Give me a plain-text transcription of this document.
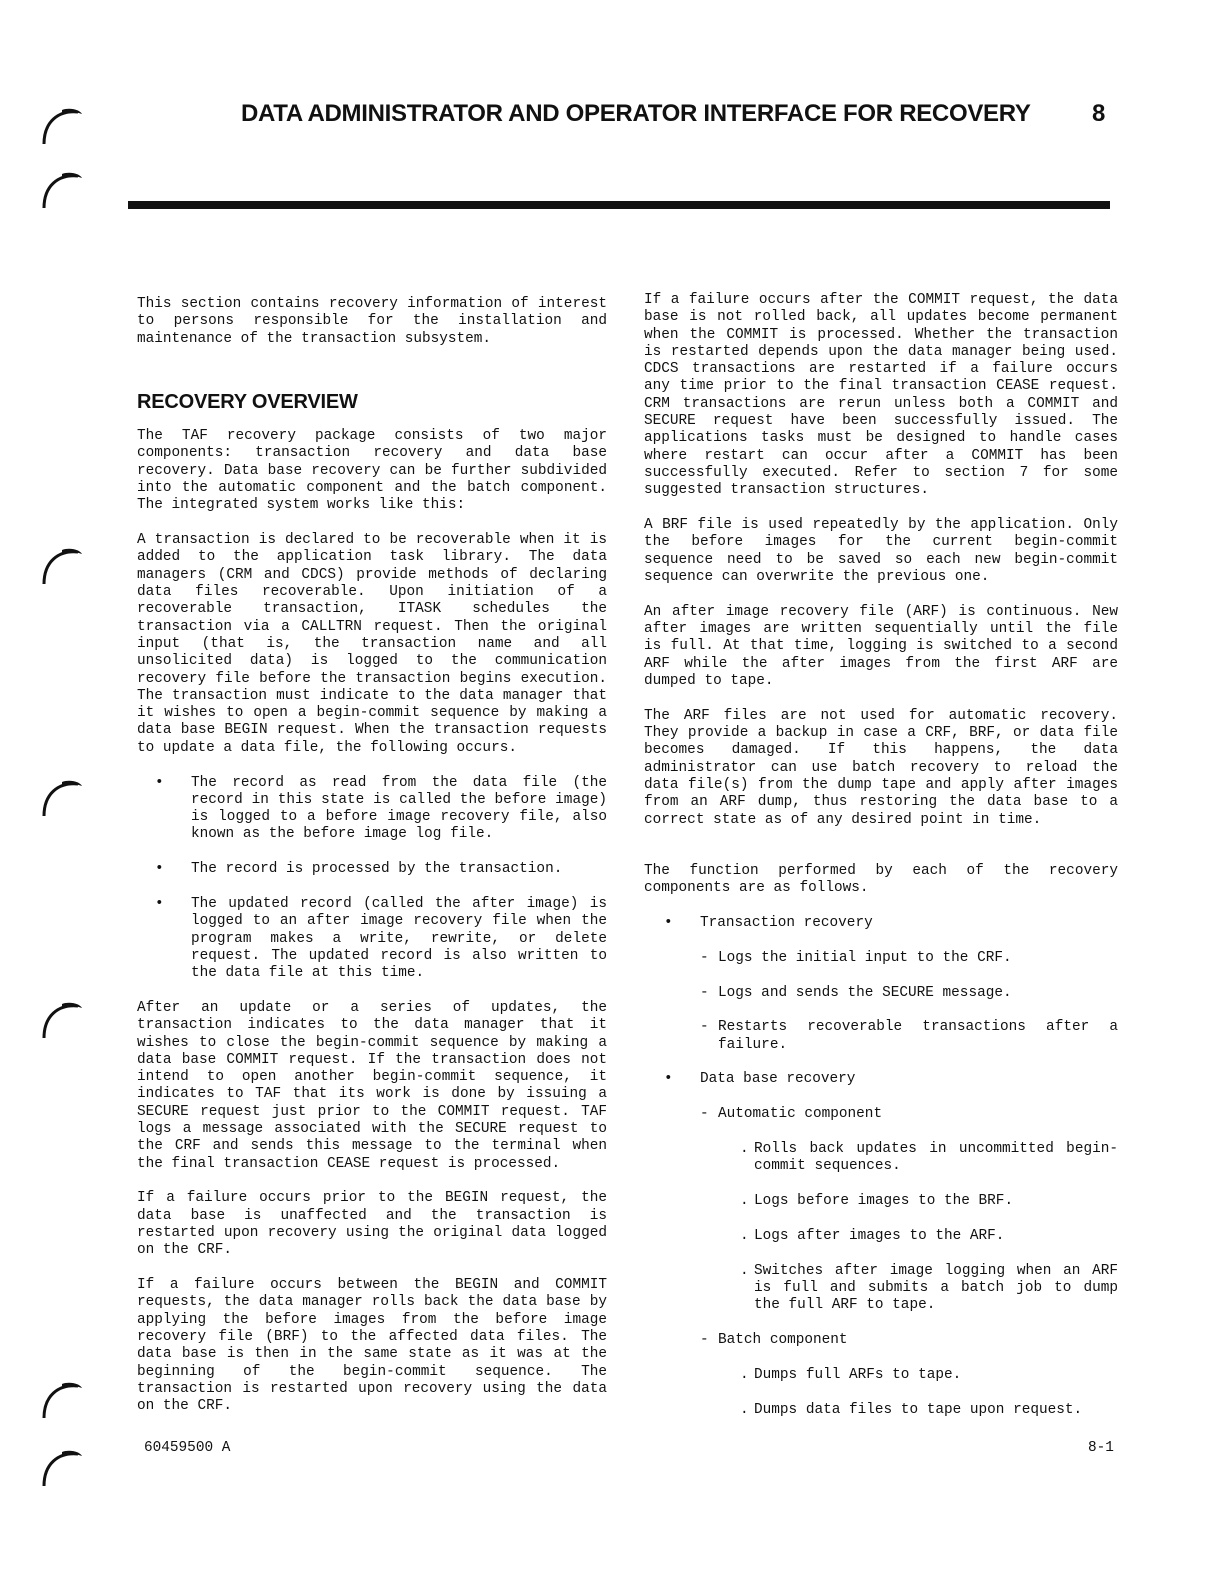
DATA ADMINISTRATOR AND OPERATOR INTERFACE FOR RECOVERY	8

This section contains recovery information of interest to persons responsible for the installation and maintenance of the transaction subsystem.

RECOVERY OVERVIEW

The TAF recovery package consists of two major components: transaction recovery and data base recovery. Data base recovery can be further subdivided into the automatic component and the batch component. The integrated system works like this:

A transaction is declared to be recoverable when it is added to the application task library. The data managers (CRM and CDCS) provide methods of declaring data files recoverable. Upon initiation of a recoverable transaction, ITASK schedules the transaction via a CALLTRN request. Then the original input (that is, the transaction name and all unsolicited data) is logged to the communication recovery file before the transaction begins execution. The transaction must indicate to the data manager that it wishes to open a begin-commit sequence by making a data base BEGIN request. When the transaction requests to update a data file, the following occurs.

• The record as read from the data file (the record in this state is called the before image) is logged to a before image recovery file, also known as the before image log file.
• The record is processed by the transaction.
• The updated record (called the after image) is logged to an after image recovery file when the program makes a write, rewrite, or delete request. The updated record is also written to the data file at this time.

After an update or a series of updates, the transaction indicates to the data manager that it wishes to close the begin-commit sequence by making a data base COMMIT request. If the transaction does not intend to open another begin-commit sequence, it indicates to TAF that its work is done by issuing a SECURE request just prior to the COMMIT request. TAF logs a message associated with the SECURE request to the CRF and sends this message to the terminal when the final transaction CEASE request is processed.

If a failure occurs prior to the BEGIN request, the data base is unaffected and the transaction is restarted upon recovery using the original data logged on the CRF.

If a failure occurs between the BEGIN and COMMIT requests, the data manager rolls back the data base by applying the before images from the before image recovery file (BRF) to the affected data files. The data base is then in the same state as it was at the beginning of the begin-commit sequence. The transaction is restarted upon recovery using the data on the CRF.

If a failure occurs after the COMMIT request, the data base is not rolled back, all updates become permanent when the COMMIT is processed. Whether the transaction is restarted depends upon the data manager being used. CDCS transactions are restarted if a failure occurs any time prior to the final transaction CEASE request. CRM transactions are rerun unless both a COMMIT and SECURE request have been successfully issued. The applications tasks must be designed to handle cases where restart can occur after a COMMIT has been successfully executed. Refer to section 7 for some suggested transaction structures.

A BRF file is used repeatedly by the application. Only the before images for the current begin-commit sequence need to be saved so each new begin-commit sequence can overwrite the previous one.

An after image recovery file (ARF) is continuous. New after images are written sequentially until the file is full. At that time, logging is switched to a second ARF while the after images from the first ARF are dumped to tape.

The ARF files are not used for automatic recovery. They provide a backup in case a CRF, BRF, or data file becomes damaged. If this happens, the data administrator can use batch recovery to reload the data file(s) from the dump tape and apply after images from an ARF dump, thus restoring the data base to a correct state as of any desired point in time.

The function performed by each of the recovery components are as follows.

• Transaction recovery
- Logs the initial input to the CRF.
- Logs and sends the SECURE message.
- Restarts recoverable transactions after a failure.
• Data base recovery
- Automatic component
. Rolls back updates in uncommitted begin-commit sequences.
. Logs before images to the BRF.
. Logs after images to the ARF.
. Switches after image logging when an ARF is full and submits a batch job to dump the full ARF to tape.
- Batch component
. Dumps full ARFs to tape.
. Dumps data files to tape upon request.
60459500 A	8-1
